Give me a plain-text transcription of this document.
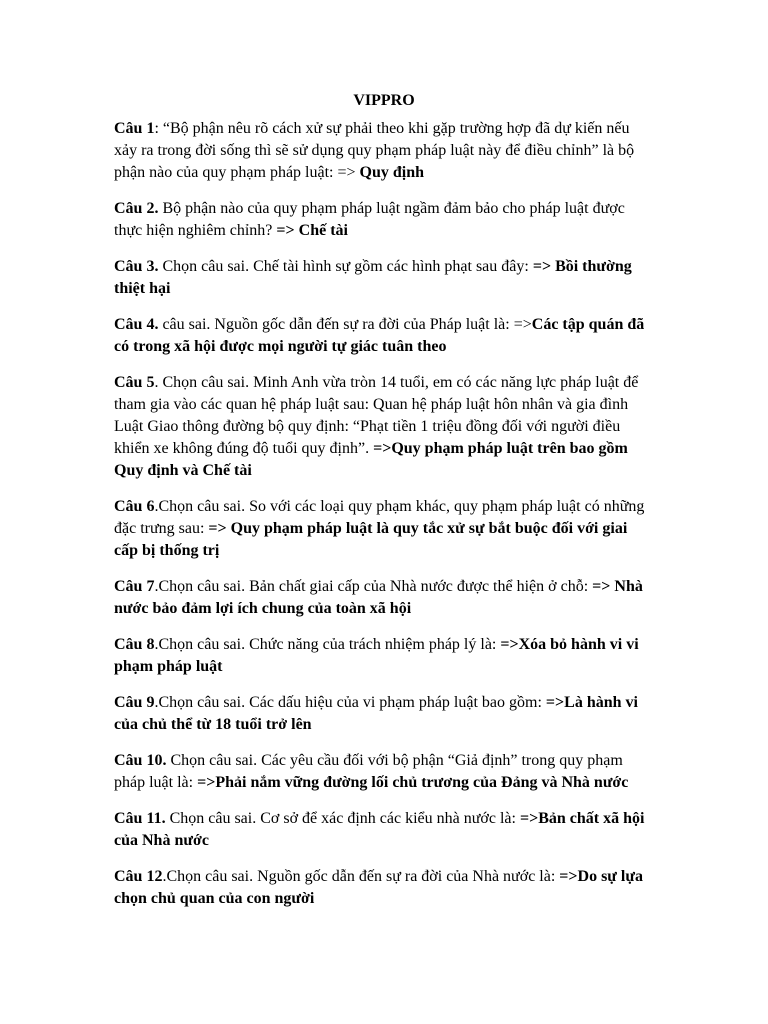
VIPPRO

Câu 1: “Bộ phận nêu rõ cách xử sự phải theo khi gặp trường hợp đã dự kiến nếu xảy ra trong đời sống thì sẽ sử dụng quy phạm pháp luật này để điều chỉnh” là bộ phận nào của quy phạm pháp luật: => Quy định

Câu 2. Bộ phận nào của quy phạm pháp luật ngầm đảm bảo cho pháp luật được thực hiện nghiêm chỉnh? => Chế tài

Câu 3. Chọn câu sai. Chế tài hình sự gồm các hình phạt sau đây: => Bồi thường thiệt hại

Câu 4. câu sai. Nguồn gốc dẫn đến sự ra đời của Pháp luật là: =>Các tập quán đã có trong xã hội được mọi người tự giác tuân theo

Câu 5. Chọn câu sai. Minh Anh vừa tròn 14 tuổi, em có các năng lực pháp luật để tham gia vào các quan hệ pháp luật sau: Quan hệ pháp luật hôn nhân và gia đình Luật Giao thông đường bộ quy định: “Phạt tiền 1 triệu đồng đối với người điều khiển xe không đúng độ tuổi quy định”. =>Quy phạm pháp luật trên bao gồm Quy định và Chế tài

Câu 6.Chọn câu sai. So với các loại quy phạm khác, quy phạm pháp luật có những đặc trưng sau: => Quy phạm pháp luật là quy tắc xử sự bắt buộc đối với giai cấp bị thống trị

Câu 7.Chọn câu sai. Bản chất giai cấp của Nhà nước được thể hiện ở chỗ: => Nhà nước bảo đảm lợi ích chung của toàn xã hội

Câu 8.Chọn câu sai. Chức năng của trách nhiệm pháp lý là: =>Xóa bỏ hành vi vi phạm pháp luật

Câu 9.Chọn câu sai. Các dấu hiệu của vi phạm pháp luật bao gồm: =>Là hành vi của chủ thể từ 18 tuổi trở lên

Câu 10. Chọn câu sai. Các yêu cầu đối với bộ phận “Giả định” trong quy phạm pháp luật là: =>Phải nắm vững đường lối chủ trương của Đảng và Nhà nước

Câu 11. Chọn câu sai. Cơ sở để xác định các kiểu nhà nước là: =>Bản chất xã hội của Nhà nước

Câu 12.Chọn câu sai. Nguồn gốc dẫn đến sự ra đời của Nhà nước là: =>Do sự lựa chọn chủ quan của con người
